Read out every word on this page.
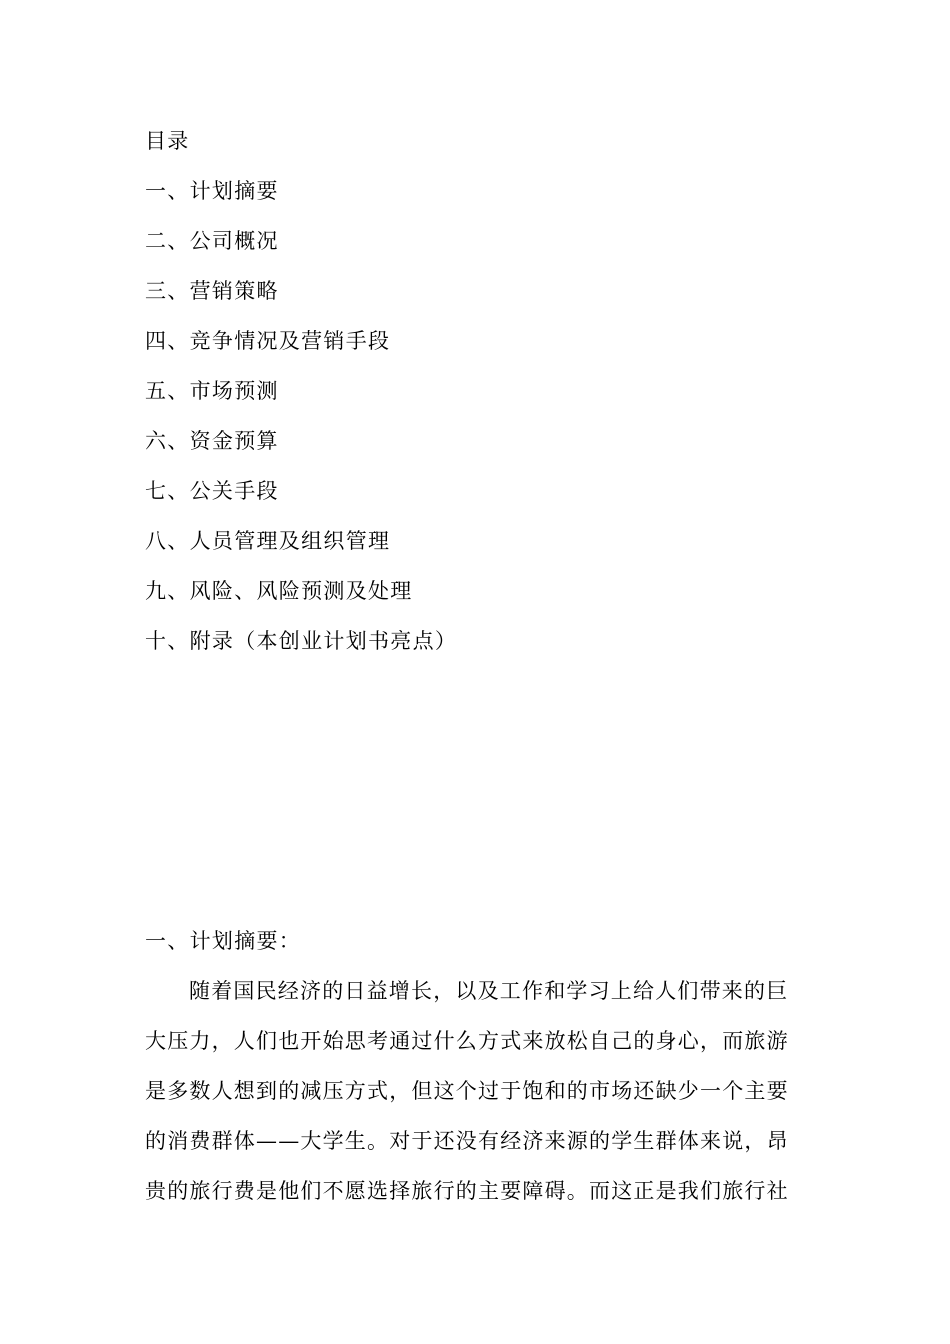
目录
一、计划摘要
二、公司概况
三、营销策略
四、竞争情况及营销手段
五、市场预测
六、资金预算
七、公关手段
八、人员管理及组织管理
九、风险、风险预测及处理
十、附录（本创业计划书亮点）
一、计划摘要：
随着国民经济的日益增长，以及工作和学习上给人们带来的巨
大压力，人们也开始思考通过什么方式来放松自己的身心，而旅游
是多数人想到的减压方式，但这个过于饱和的市场还缺少一个主要
的消费群体——大学生。对于还没有经济来源的学生群体来说，昂
贵的旅行费是他们不愿选择旅行的主要障碍。而这正是我们旅行社
